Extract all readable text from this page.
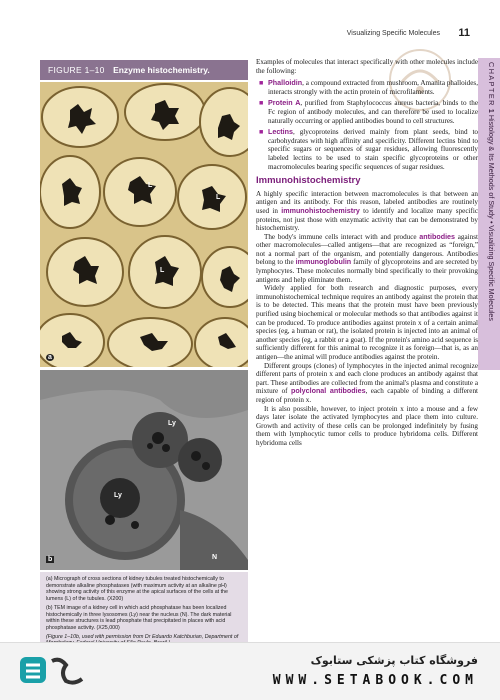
Visualizing Specific Molecules 11
FIGURE 1–10 Enzyme histochemistry.
L
L
L
a
Ly
Ly
N
b

(a) Micrograph of cross sections of kidney tubules treated histochemically to demonstrate alkaline phosphatases (with maximum activity at an alkaline pH) showing strong activity of this enzyme at the apical surfaces of the cells at the lumens (L) of the tubules. (X200)

(b) TEM image of a kidney cell in which acid phosphatase has been localized histochemically in three lysosomes (Ly) near the nucleus (N). The dark material within these structures is lead phosphate that precipitated in places with acid phosphatase activity. (X25,000)

(Figure 1–10b, used with permission from Dr Eduardo Katchburian, Department of

Examples of molecules that interact specifically with other molecules include the following:

■ Phalloidin, a compound extracted from mushroom, Amanita phalloides, interacts strongly with the actin protein of microfilaments.
■ Protein A, purified from Staphylococcus aureus bacteria, binds to the Fc region of antibody molecules, and can therefore be used to localize naturally occurring or applied antibodies bound to cell structures.
■ Lectins, glycoproteins derived mainly from plant seeds, bind to carbohydrates with high affinity and specificity. Different lectins bind to specific sugars or sequences of sugar residues, allowing fluorescently labeled lectins to be used to stain specific glycoproteins or other macromolecules bearing specific sequences of sugar residues.
Immunohistochemistry

A highly specific interaction between macromolecules is that between an antigen and its antibody. For this reason, labeled antibodies are routinely used in immunohistochemistry to identify and localize many specific proteins, not just those with enzymatic activity that can be demonstrated by histochemistry.

The body's immune cells interact with and produce antibodies against other macromolecules—called antigens—that are recognized as “foreign,” not a normal part of the organism, and potentially dangerous. Antibodies belong to the immunoglobulin family of glycoproteins and are secreted by lymphocytes. These molecules normally bind specifically to their provoking antigens and help eliminate them.

Widely applied for both research and diagnostic purposes, every immunohistochemical technique requires an antibody against the protein that is to be detected. This means that the protein must have been previously purified using biochemical or molecular methods so that antibodies against it can be produced. To produce antibodies against protein x of a certain animal species (eg, a human or rat), the isolated protein is injected into an animal of another species (eg, a rabbit or a goat). If the protein's amino acid sequence is sufficiently different for this animal to recognize it as foreign—that is, as an antigen—the animal will produce antibodies against the protein.

Different groups (clones) of lymphocytes in the injected animal recognize different parts of protein x and each clone produces an antibody against that part. These antibodies are collected from the animal's plasma and constitute a mixture of polyclonal antibodies, each capable of binding a different region of protein x.

It is also possible, however, to inject protein x into a mouse and a few days later isolate the activated lymphocytes and place them into culture. Growth and activity of these cells can be prolonged indefinitely by fusing them with lymphocytic tumor cells to produce hybridoma cells. Different hybridoma cells

CHAPTER 1 Histology & Its Methods of Study • Visualizing Specific Molecules
فروشگاه کتاب پزشکی ستابوک
WWW.SETABOOK.COM
